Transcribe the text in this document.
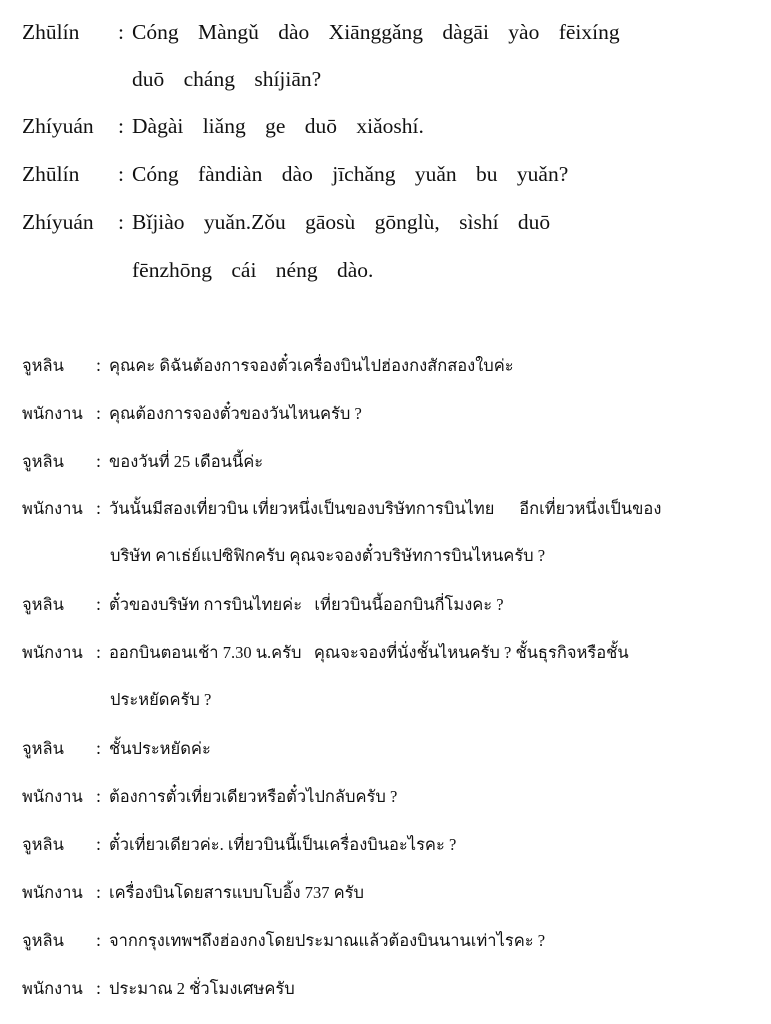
Zhūlín : Cóng Màngǔ dào Xiānggǎng dàgāi yào fēixíng
duō cháng shíjiān?
Zhíyuán : Dàgài liǎng ge duō xiǎoshí.
Zhūlín : Cóng fàndiàn dào jīchǎng yuǎn bu yuǎn?
Zhíyuán : Bǐjiào yuǎn.Zǒu gāosù gōnglù, sìshí duō
fēnzhōng cái néng dào.
จูหลิน : คุณคะ ดิฉันต้องการจองตั๋วเครื่องบินไปฮ่องกงสักสองใบค่ะ
พนักงาน : คุณต้องการจองตั๋วของวันไหนครับ ?
จูหลิน : ของวันที่ 25 เดือนนี้ค่ะ
พนักงาน : วันนั้นมีสองเที่ยวบิน เที่ยวหนึ่งเป็นของบริษัทการบินไทย      อีกเที่ยวหนึ่งเป็นของ
บริษัท คาเธ่ย์แปซิฟิกครับ คุณจะจองตั๋วบริษัทการบินไหนครับ ?
จูหลิน : ตั๋วของบริษัท การบินไทยค่ะ   เที่ยวบินนี้ออกบินกี่โมงคะ ?
พนักงาน : ออกบินตอนเช้า 7.30 น.ครับ   คุณจะจองที่นั่งชั้นไหนครับ ? ชั้นธุรกิจหรือชั้น
ประหยัดครับ ?
จูหลิน : ชั้นประหยัดค่ะ
พนักงาน : ต้องการตั๋วเที่ยวเดียวหรือตั๋วไปกลับครับ ?
จูหลิน : ตั๋วเที่ยวเดียวค่ะ. เที่ยวบินนี้เป็นเครื่องบินอะไรคะ ?
พนักงาน : เครื่องบินโดยสารแบบโบอิ้ง 737 ครับ
จูหลิน : จากกรุงเทพฯถึงฮ่องกงโดยประมาณแล้วต้องบินนานเท่าไรคะ ?
พนักงาน : ประมาณ 2 ชั่วโมงเศษครับ
